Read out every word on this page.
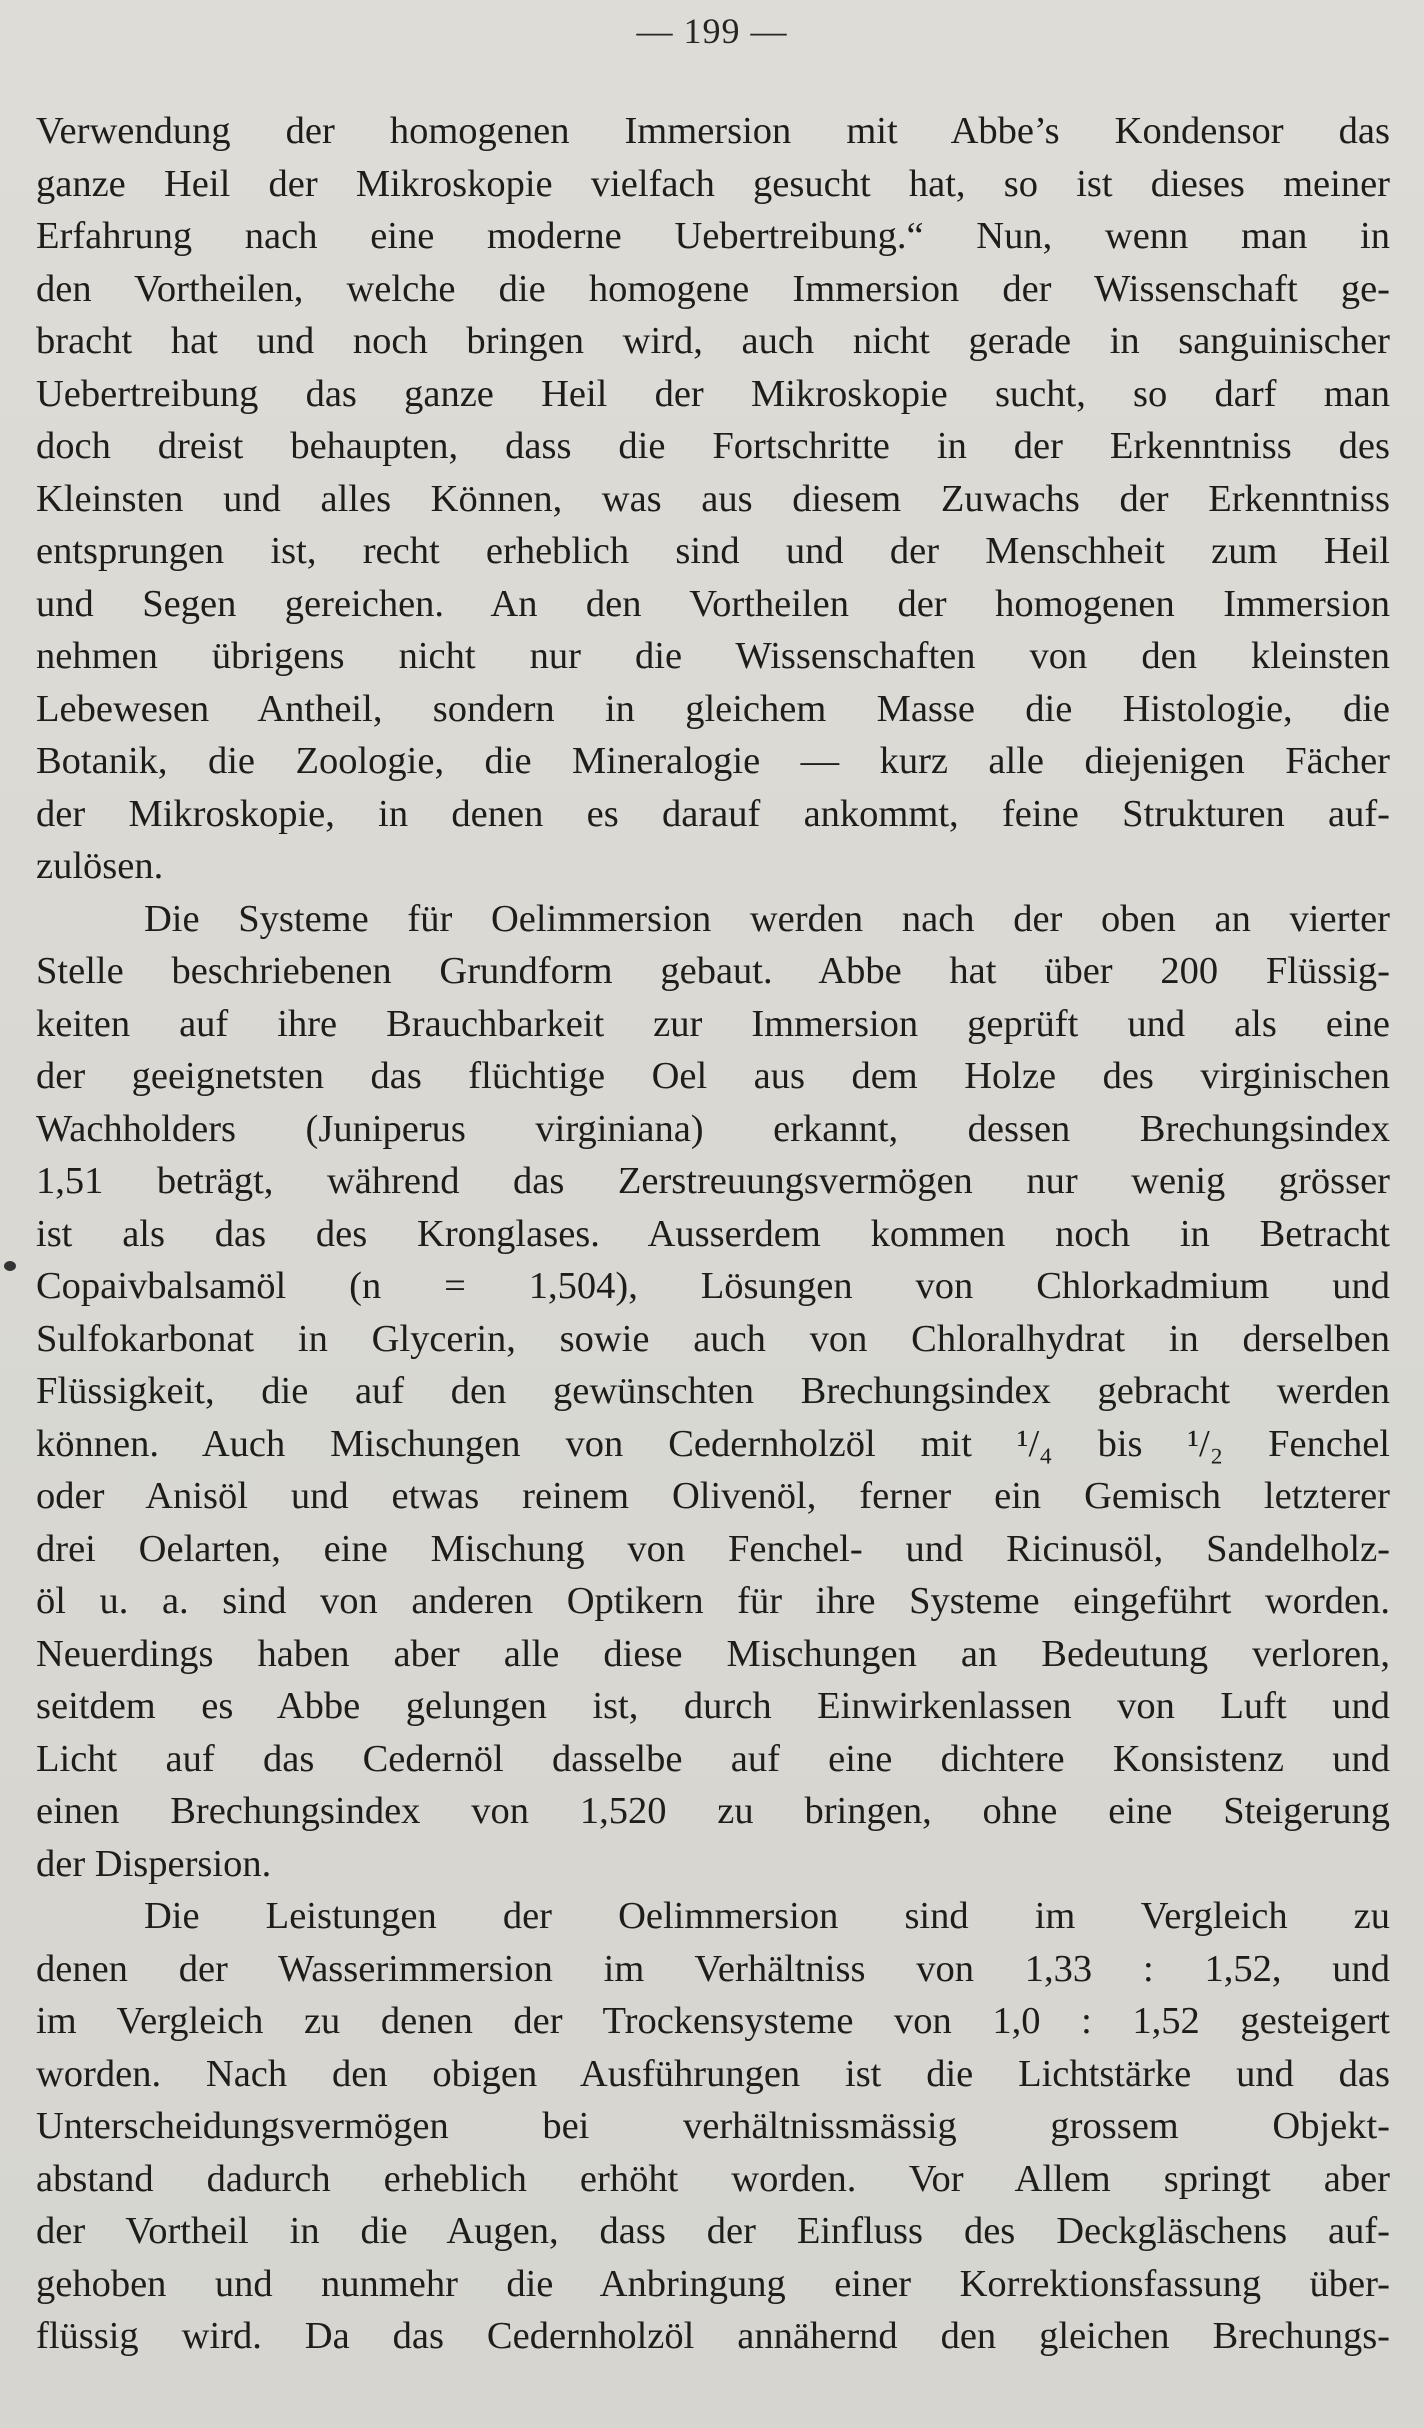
— 199 —
Verwendung der homogenen Immersion mit Abbe’s Kondensor das
ganze Heil der Mikroskopie vielfach gesucht hat, so ist dieses meiner
Erfahrung nach eine moderne Uebertreibung.“ Nun, wenn man in
den Vortheilen, welche die homogene Immersion der Wissenschaft ge-
bracht hat und noch bringen wird, auch nicht gerade in sanguinischer
Uebertreibung das ganze Heil der Mikroskopie sucht, so darf man
doch dreist behaupten, dass die Fortschritte in der Erkenntniss des
Kleinsten und alles Können, was aus diesem Zuwachs der Erkenntniss
entsprungen ist, recht erheblich sind und der Menschheit zum Heil
und Segen gereichen. An den Vortheilen der homogenen Immersion
nehmen übrigens nicht nur die Wissenschaften von den kleinsten
Lebewesen Antheil, sondern in gleichem Masse die Histologie, die
Botanik, die Zoologie, die Mineralogie — kurz alle diejenigen Fächer
der Mikroskopie, in denen es darauf ankommt, feine Strukturen auf-
zulösen.
Die Systeme für Oelimmersion werden nach der oben an vierter
Stelle beschriebenen Grundform gebaut. Abbe hat über 200 Flüssig-
keiten auf ihre Brauchbarkeit zur Immersion geprüft und als eine
der geeignetsten das flüchtige Oel aus dem Holze des virginischen
Wachholders (Juniperus virginiana) erkannt, dessen Brechungsindex
1,51 beträgt, während das Zerstreuungsvermögen nur wenig grösser
ist als das des Kronglases. Ausserdem kommen noch in Betracht
Copaivbalsamöl (n = 1,504), Lösungen von Chlorkadmium und
Sulfokarbonat in Glycerin, sowie auch von Chloralhydrat in derselben
Flüssigkeit, die auf den gewünschten Brechungsindex gebracht werden
können. Auch Mischungen von Cedernholzöl mit ¹/₄ bis ¹/₂ Fenchel
oder Anisöl und etwas reinem Olivenöl, ferner ein Gemisch letzterer
drei Oelarten, eine Mischung von Fenchel- und Ricinusöl, Sandelholz-
öl u. a. sind von anderen Optikern für ihre Systeme eingeführt worden.
Neuerdings haben aber alle diese Mischungen an Bedeutung verloren,
seitdem es Abbe gelungen ist, durch Einwirkenlassen von Luft und
Licht auf das Cedernöl dasselbe auf eine dichtere Konsistenz und
einen Brechungsindex von 1,520 zu bringen, ohne eine Steigerung
der Dispersion.
Die Leistungen der Oelimmersion sind im Vergleich zu
denen der Wasserimmersion im Verhältniss von 1,33 : 1,52, und
im Vergleich zu denen der Trockensysteme von 1,0 : 1,52 gesteigert
worden. Nach den obigen Ausführungen ist die Lichtstärke und das
Unterscheidungsvermögen bei verhältnissmässig grossem Objekt-
abstand dadurch erheblich erhöht worden. Vor Allem springt aber
der Vortheil in die Augen, dass der Einfluss des Deckgläschens auf-
gehoben und nunmehr die Anbringung einer Korrektionsfassung über-
flüssig wird. Da das Cedernholzöl annähernd den gleichen Brechungs-
